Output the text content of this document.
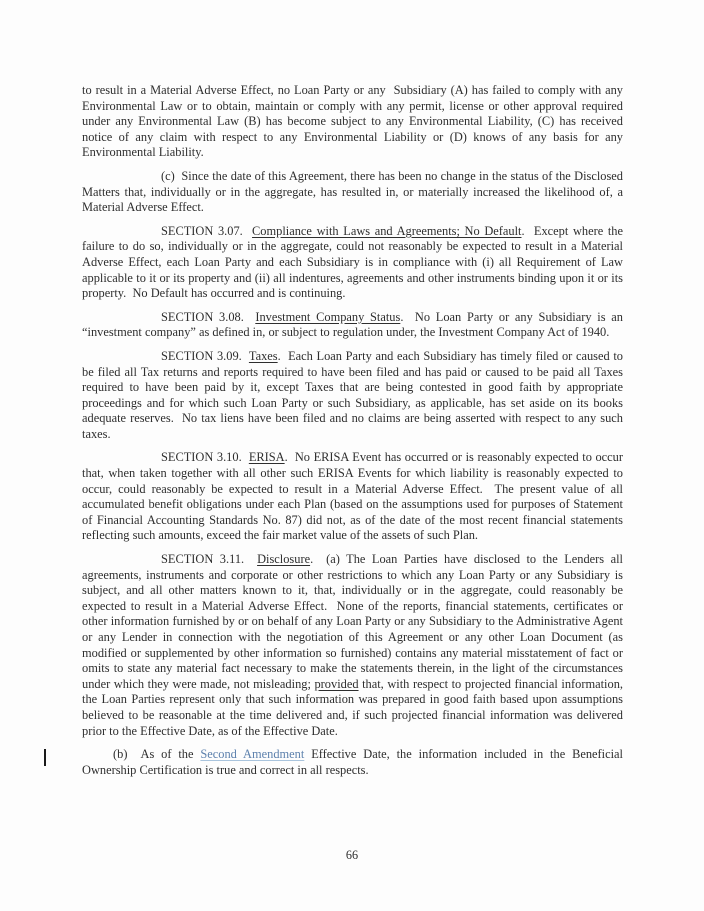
to result in a Material Adverse Effect, no Loan Party or any  Subsidiary (A) has failed to comply with any Environmental Law or to obtain, maintain or comply with any permit, license or other approval required under any Environmental Law (B) has become subject to any Environmental Liability, (C) has received notice of any claim with respect to any Environmental Liability or (D) knows of any basis for any Environmental Liability.

(c)  Since the date of this Agreement, there has been no change in the status of the Disclosed Matters that, individually or in the aggregate, has resulted in, or materially increased the likelihood of, a Material Adverse Effect.

SECTION 3.07.  Compliance with Laws and Agreements; No Default.  Except where the failure to do so, individually or in the aggregate, could not reasonably be expected to result in a Material Adverse Effect, each Loan Party and each Subsidiary is in compliance with (i) all Requirement of Law applicable to it or its property and (ii) all indentures, agreements and other instruments binding upon it or its property.  No Default has occurred and is continuing.

SECTION 3.08.  Investment Company Status.  No Loan Party or any Subsidiary is an “investment company” as defined in, or subject to regulation under, the Investment Company Act of 1940.

SECTION 3.09.  Taxes.  Each Loan Party and each Subsidiary has timely filed or caused to be filed all Tax returns and reports required to have been filed and has paid or caused to be paid all Taxes required to have been paid by it, except Taxes that are being contested in good faith by appropriate proceedings and for which such Loan Party or such Subsidiary, as applicable, has set aside on its books adequate reserves.  No tax liens have been filed and no claims are being asserted with respect to any such taxes.

SECTION 3.10.  ERISA.  No ERISA Event has occurred or is reasonably expected to occur that, when taken together with all other such ERISA Events for which liability is reasonably expected to occur, could reasonably be expected to result in a Material Adverse Effect.  The present value of all accumulated benefit obligations under each Plan (based on the assumptions used for purposes of Statement of Financial Accounting Standards No. 87) did not, as of the date of the most recent financial statements reflecting such amounts, exceed the fair market value of the assets of such Plan.

SECTION 3.11.  Disclosure.  (a) The Loan Parties have disclosed to the Lenders all agreements, instruments and corporate or other restrictions to which any Loan Party or any Subsidiary is subject, and all other matters known to it, that, individually or in the aggregate, could reasonably be expected to result in a Material Adverse Effect.  None of the reports, financial statements, certificates or other information furnished by or on behalf of any Loan Party or any Subsidiary to the Administrative Agent or any Lender in connection with the negotiation of this Agreement or any other Loan Document (as modified or supplemented by other information so furnished) contains any material misstatement of fact or omits to state any material fact necessary to make the statements therein, in the light of the circumstances under which they were made, not misleading; provided that, with respect to projected financial information, the Loan Parties represent only that such information was prepared in good faith based upon assumptions believed to be reasonable at the time delivered and, if such projected financial information was delivered prior to the Effective Date, as of the Effective Date.

(b)  As of the Second Amendment Effective Date, the information included in the Beneficial Ownership Certification is true and correct in all respects.

66
